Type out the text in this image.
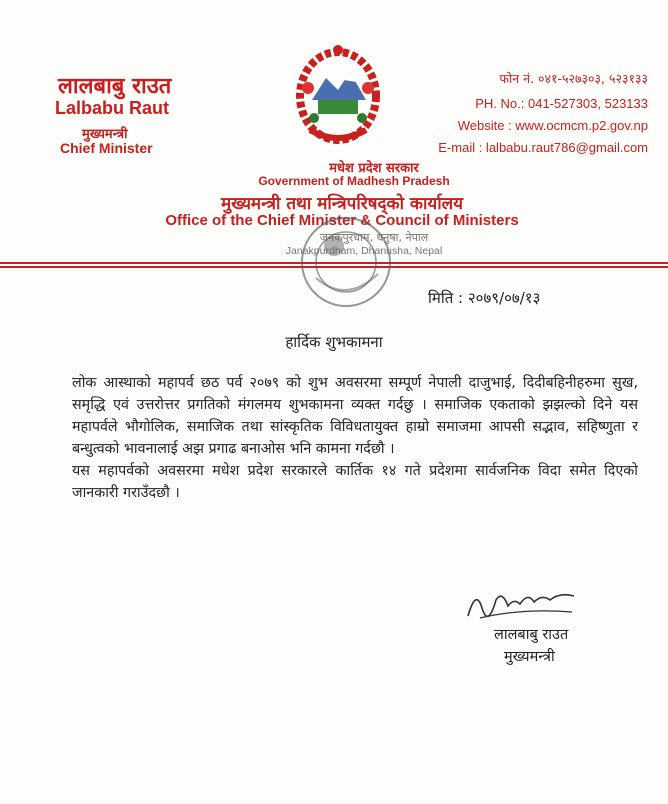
लालबाबु राउत
Lalbabu Raut
मुख्यमन्त्री
Chief Minister
फोन नं. ०४१-५२७३०३, ५२३१३३
PH. No.: 041-527303, 523133
Website : www.ocmcm.p2.gov.np
E-mail : lalbabu.raut786@gmail.com
मधेश प्रदेश सरकार
Government of Madhesh Pradesh
मुख्यमन्त्री तथा मन्त्रिपरिषद्को कार्यालय
Office of the Chief Minister & Council of Ministers
जनकपुरधाम, धनुषा, नेपाल
Janakpurdham, Dhanusha, Nepal
मिति : २०७९/०७/१३
हार्दिक शुभकामना

लोक आस्थाको महापर्व छठ पर्व २०७९ को शुभ अवसरमा सम्पूर्ण नेपाली दाजुभाई, दिदीबहिनीहरुमा सुख, समृद्धि एवं उत्तरोत्तर प्रगतिको मंगलमय शुभकामना व्यक्त गर्दछु । समाजिक एकताको झझल्को दिने यस महापर्वले भौगोलिक, समाजिक तथा सांस्कृतिक विविधतायुक्त हाम्रो समाजमा आपसी सद्भाव, सहिष्णुता र बन्धुत्वको भावनालाई अझ प्रगाढ बनाओस भनि कामना गर्दछौ ।

यस महापर्वको अवसरमा मधेश प्रदेश सरकारले कार्तिक १४ गते प्रदेशमा सार्वजनिक विदा समेत दिएको जानकारी गराउँदछौ ।

लालबाबु राउत
मुख्यमन्त्री
